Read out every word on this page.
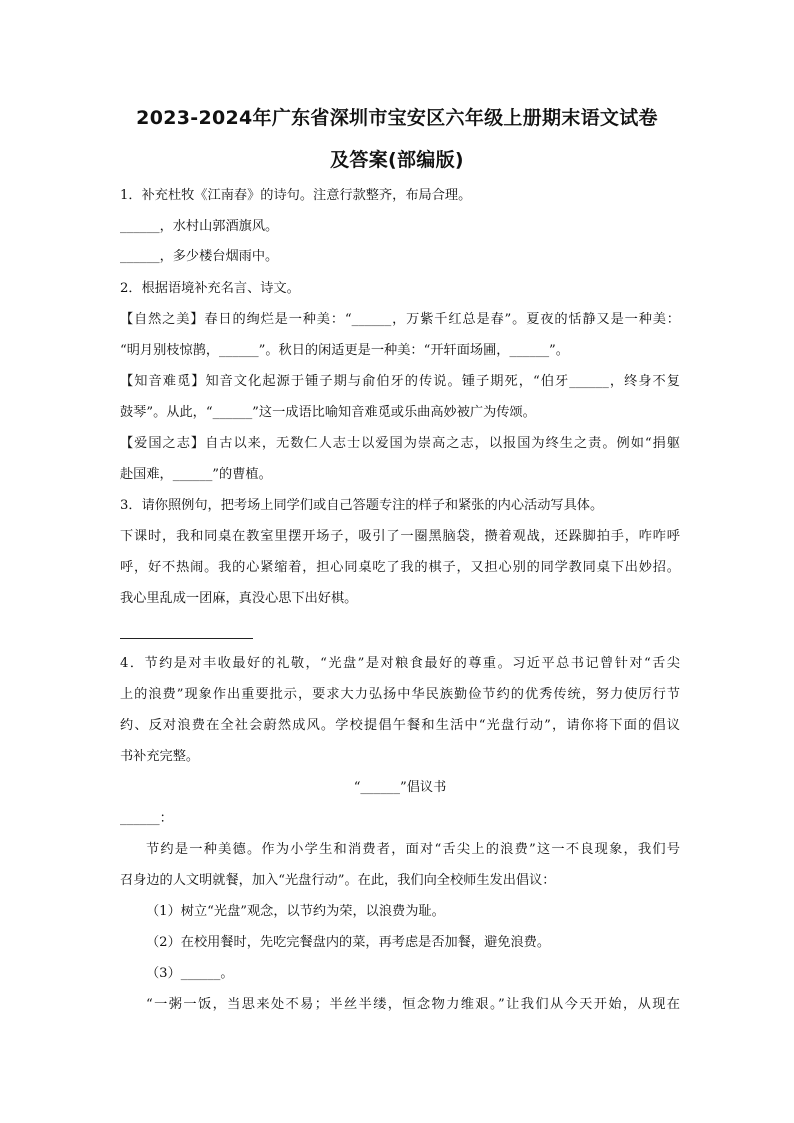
2023-2024年广东省深圳市宝安区六年级上册期末语文试卷
及答案(部编版)
1．补充杜牧《江南春》的诗句。注意行款整齐，布局合理。
______，水村山郭酒旗风。
______，多少楼台烟雨中。
2．根据语境补充名言、诗文。
【自然之美】春日的绚烂是一种美：“______，万紫千红总是春”。夏夜的恬静又是一种美：
“明月别枝惊鹊，______”。秋日的闲适更是一种美：“开轩面场圃，______”。
【知音难觅】知音文化起源于锺子期与俞伯牙的传说。锺子期死，“伯牙______，终身不复
鼓琴”。从此，“______”这一成语比喻知音难觅或乐曲高妙被广为传颂。
【爱国之志】自古以来，无数仁人志士以爱国为崇高之志，以报国为终生之责。例如“捐躯
赴国难，______”的曹植。
3．请你照例句，把考场上同学们或自己答题专注的样子和紧张的内心活动写具体。
下课时，我和同桌在教室里摆开场子，吸引了一圈黑脑袋，攒着观战，还跺脚拍手，咋咋呼
呼，好不热闹。我的心紧缩着，担心同桌吃了我的棋子，又担心别的同学教同桌下出妙招。
我心里乱成一团麻，真没心思下出好棋。
4．节约是对丰收最好的礼敬，“光盘”是对粮食最好的尊重。习近平总书记曾针对“舌尖
上的浪费”现象作出重要批示，要求大力弘扬中华民族勤俭节约的优秀传统，努力使厉行节
约、反对浪费在全社会蔚然成风。学校提倡午餐和生活中“光盘行动”，请你将下面的倡议
书补充完整。
“______”倡议书
______：
节约是一种美德。作为小学生和消费者，面对“舌尖上的浪费”这一不良现象，我们号
召身边的人文明就餐，加入“光盘行动”。在此，我们向全校师生发出倡议：
（1）树立“光盘”观念，以节约为荣，以浪费为耻。
（2）在校用餐时，先吃完餐盘内的菜，再考虑是否加餐，避免浪费。
（3）______。
“一粥一饭，当思来处不易；半丝半缕，恒念物力维艰。”让我们从今天开始，从现在
